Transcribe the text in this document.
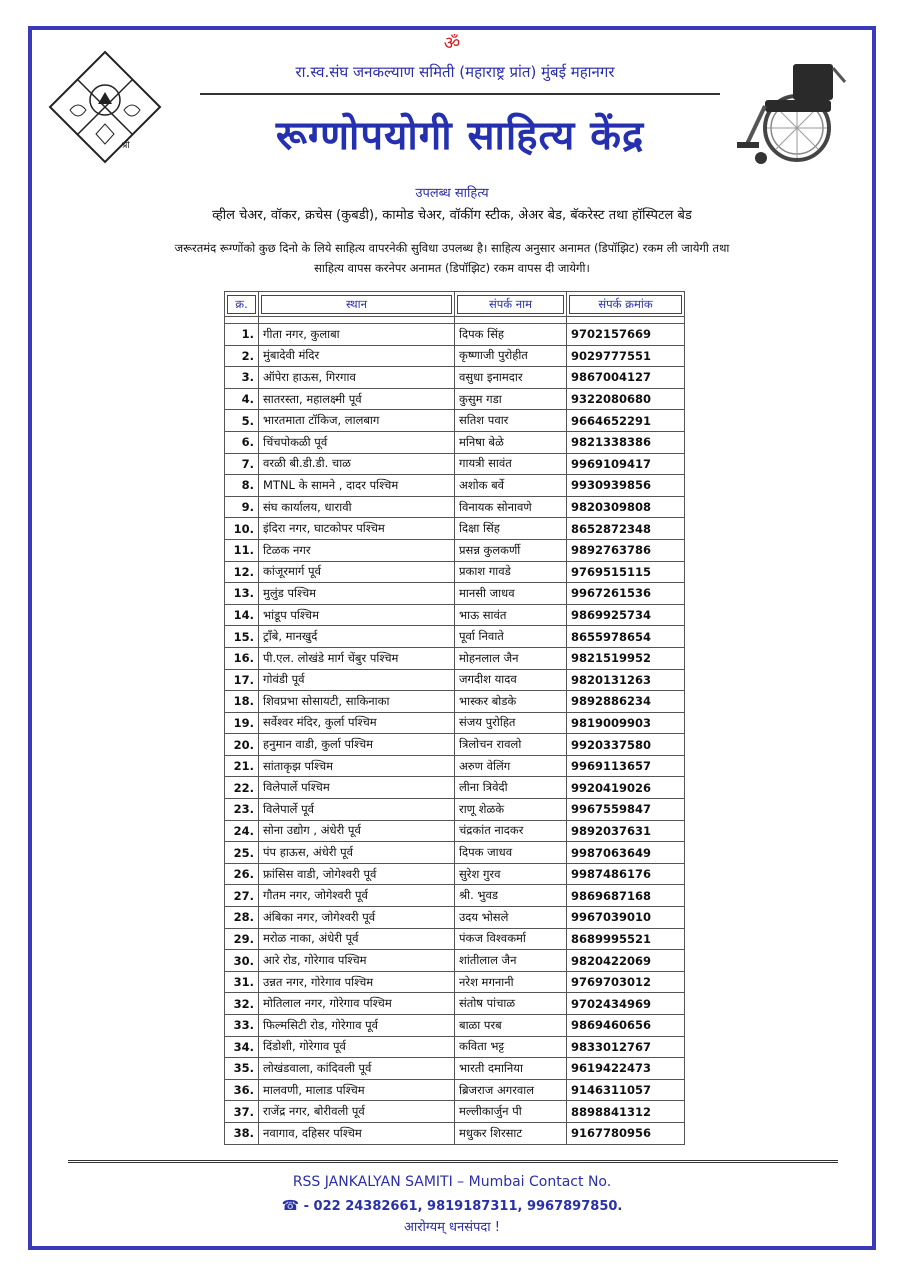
श्री
ॐ
रा.स्व.संघ जनकल्याण समिती (महाराष्ट्र प्रांत) मुंबई महानगर
रूग्णोपयोगी साहित्य केंद्र
उपलब्ध साहित्य
व्हील चेअर, वॉकर, क्रचेस (कुबडी), कामोड चेअर, वॉकींग स्टीक, अेअर बेड, बॅकरेस्ट तथा हॉस्पिटल बेड
जरूरतमंद रूग्णोंको कुछ दिनो के लिये साहित्य वापरनेकी सुविधा उपलब्ध है। साहित्य अनुसार अनामत (डिपॉझिट) रकम ली जायेगी तथा
साहित्य वापस करनेपर अनामत (डिपॉझिट) रकम वापस दी जायेगी।
क्र.	स्थान	संपर्क नाम	संपर्क क्रमांक

1.	गीता नगर, कुलाबा	दिपक सिंह	9702157669
2.	मुंबादेवी मंदिर	कृष्णाजी पुरोहीत	9029777551
3.	ऑपेरा हाऊस, गिरगाव	वसुधा इनामदार	9867004127
4.	सातरस्ता, महालक्ष्मी पूर्व	कुसुम गडा	9322080680
5.	भारतमाता टॉकिज, लालबाग	सतिश पवार	9664652291
6.	चिंचपोकळी पूर्व	मनिषा बेळे	9821338386
7.	वरळी बी.डी.डी. चाळ	गायत्री सावंत	9969109417
8.	MTNL के सामने , दादर पश्चिम	अशोक बर्वे	9930939856
9.	संघ कार्यालय, धारावी	विनायक सोनावणे	9820309808
10.	इंदिरा नगर, घाटकोपर पश्चिम	दिक्षा सिंह	8652872348
11.	टिळक नगर	प्रसन्न कुलकर्णी	9892763786
12.	कांजूरमार्ग पूर्व	प्रकाश गावडे	9769515115
13.	मुलुंड पश्चिम	मानसी जाधव	9967261536
14.	भांडूप पश्चिम	भाऊ सावंत	9869925734
15.	ट्रॉंबे, मानखुर्द	पूर्वा निवाते	8655978654
16.	पी.एल. लोखंडे मार्ग चेंबुर पश्चिम	मोहनलाल जैन	9821519952
17.	गोवंडी पूर्व	जगदीश यादव	9820131263
18.	शिवप्रभा सोसायटी, साकिनाका	भास्कर बोडके	9892886234
19.	सर्वेश्वर मंदिर, कुर्ला पश्चिम	संजय पुरोहित	9819009903
20.	हनुमान वाडी, कुर्ला पश्चिम	त्रिलोचन रावलो	9920337580
21.	सांताकृझ पश्चिम	अरुण वेलिंग	9969113657
22.	विलेपार्ले पश्चिम	लीना त्रिवेदी	9920419026
23.	विलेपार्ले पूर्व	राणू शेळके	9967559847
24.	सोना उद्योग , अंधेरी पूर्व	चंद्रकांत नादकर	9892037631
25.	पंप हाऊस, अंधेरी पूर्व	दिपक जाधव	9987063649
26.	फ्रांसिस वाडी, जोगेश्वरी पूर्व	सुरेश गुरव	9987486176
27.	गौतम नगर, जोगेश्वरी पूर्व	श्री. भुवड	9869687168
28.	अंबिका नगर, जोगेश्वरी पूर्व	उदय भोसले	9967039010
29.	मरोळ नाका, अंधेरी पूर्व	पंकज विश्वकर्मा	8689995521
30.	आरे रोड, गोरेगाव पश्चिम	शांतीलाल जैन	9820422069
31.	उन्नत नगर, गोरेगाव पश्चिम	नरेश मगनानी	9769703012
32.	मोतिलाल नगर, गोरेगाव पश्चिम	संतोष पांचाळ	9702434969
33.	फिल्मसिटी रोड, गोरेगाव पूर्व	बाळा परब	9869460656
34.	दिंडोशी, गोरेगाव पूर्व	कविता भट्ट	9833012767
35.	लोखंडवाला, कांदिवली पूर्व	भारती दमानिया	9619422473
36.	मालवणी, मालाड पश्चिम	ब्रिजराज अगरवाल	9146311057
37.	राजेंद्र नगर, बोरीवली पूर्व	मल्लीकार्जुन पी	8898841312
38.	नवागाव, दहिसर पश्चिम	मधुकर शिरसाट	9167780956
RSS JANKALYAN SAMITI – Mumbai Contact No.
☎ - 022 24382661, 9819187311, 9967897850.
आरोग्यम् धनसंपदा !
